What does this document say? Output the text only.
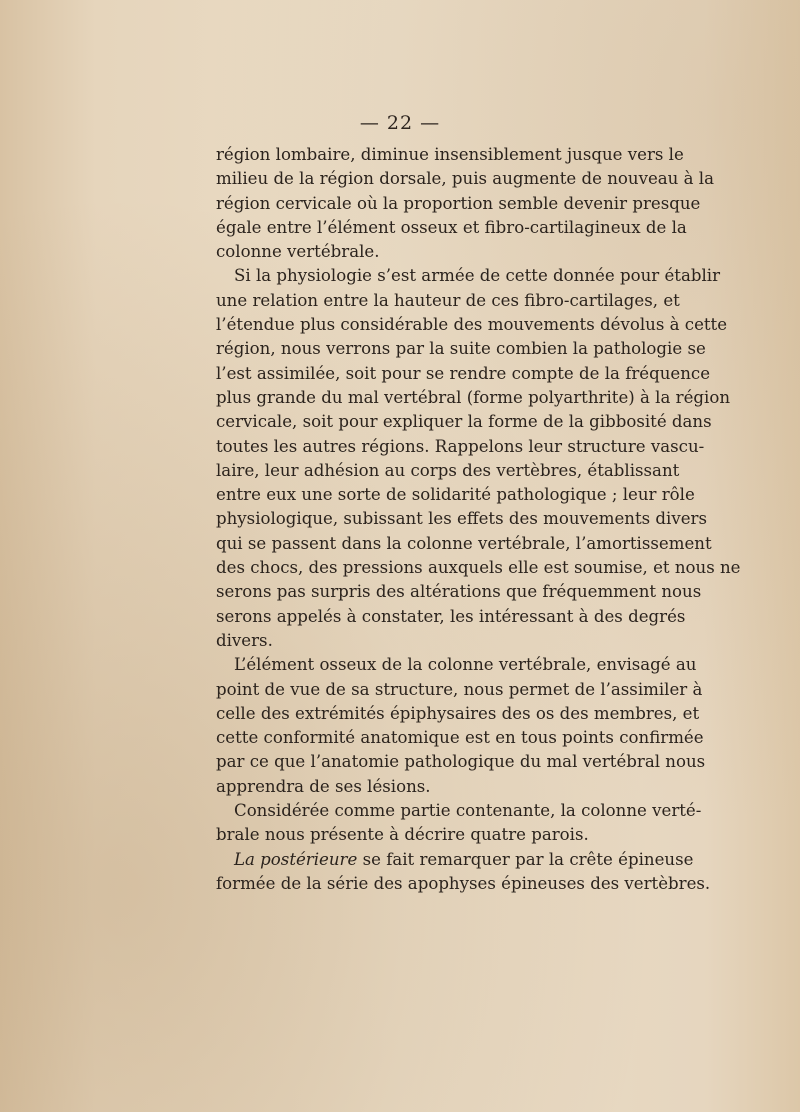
— 22 —

région lombaire, diminue insensiblement jusque vers le
milieu de la région dorsale, puis augmente de nouveau à la
région cervicale où la proportion semble devenir presque
égale entre l’élément osseux et fibro-cartilagineux de la
colonne vertébrale.

Si la physiologie s’est armée de cette donnée pour établir
une relation entre la hauteur de ces fibro-cartilages, et
l’étendue plus considérable des mouvements dévolus à cette
région, nous verrons par la suite combien la pathologie se
l’est assimilée, soit pour se rendre compte de la fréquence
plus grande du mal vertébral (forme polyarthrite) à la région
cervicale, soit pour expliquer la forme de la gibbosité dans
toutes les autres régions. Rappelons leur structure vascu-
laire, leur adhésion au corps des vertèbres, établissant
entre eux une sorte de solidarité pathologique ; leur rôle
physiologique, subissant les effets des mouvements divers
qui se passent dans la colonne vertébrale, l’amortissement
des chocs, des pressions auxquels elle est soumise, et nous ne
serons pas surpris des altérations que fréquemment nous
serons appelés à constater, les intéressant à des degrés
divers.

L’élément osseux de la colonne vertébrale, envisagé au
point de vue de sa structure, nous permet de l’assimiler à
celle des extrémités épiphysaires des os des membres, et
cette conformité anatomique est en tous points confirmée
par ce que l’anatomie pathologique du mal vertébral nous
apprendra de ses lésions.

Considérée comme partie contenante, la colonne verté-
brale nous présente à décrire quatre parois.

La postérieure se fait remarquer par la crête épineuse
formée de la série des apophyses épineuses des vertèbres.
